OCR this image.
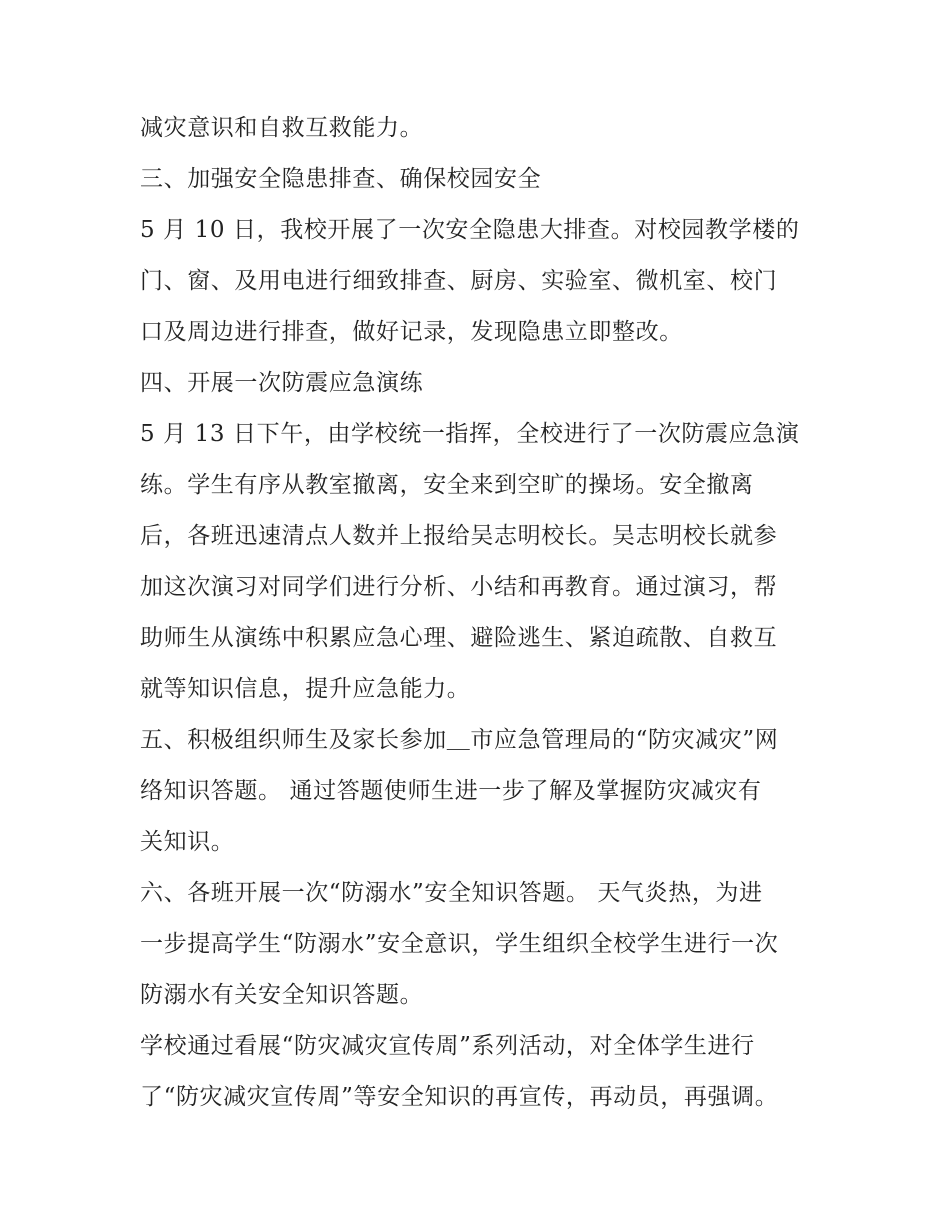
减灾意识和自救互救能力。
三、加强安全隐患排查、确保校园安全
5 月 10 日，我校开展了一次安全隐患大排查。对校园教学楼的
门、窗、及用电进行细致排查、厨房、实验室、微机室、校门
口及周边进行排查，做好记录，发现隐患立即整改。
四、开展一次防震应急演练
5 月 13 日下午，由学校统一指挥，全校进行了一次防震应急演
练。学生有序从教室撤离，安全来到空旷的操场。安全撤离
后，各班迅速清点人数并上报给吴志明校长。吴志明校长就参
加这次演习对同学们进行分析、小结和再教育。通过演习，帮
助师生从演练中积累应急心理、避险逃生、紧迫疏散、自救互
就等知识信息，提升应急能力。
五、积极组织师生及家长参加＿市应急管理局的“防灾减灾”网
络知识答题。 通过答题使师生进一步了解及掌握防灾减灾有
关知识。
六、各班开展一次“防溺水”安全知识答题。 天气炎热，为进
一步提高学生“防溺水”安全意识，学生组织全校学生进行一次
防溺水有关安全知识答题。
学校通过看展“防灾减灾宣传周”系列活动，对全体学生进行
了“防灾减灾宣传周”等安全知识的再宣传，再动员，再强调。
